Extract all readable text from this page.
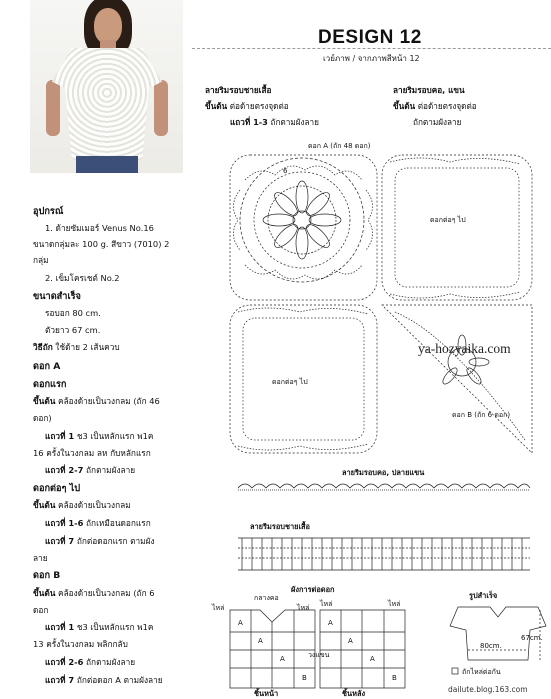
DESIGN 12
เวย์ภาพ / จากภาพสีหน้า 12
อุปกรณ์
1. ด้ายซัมเมอร์ Venus No.16
ขนาดกลุ่มละ 100 g. สีขาว (7010) 2
กลุ่ม
2. เข็มโครเชต์ No.2
ขนาดสำเร็จ
รอบอก 80 cm.
ตัวยาว 67 cm.
วิธีถัก ใช้ด้าย 2 เส้นควบ
ดอก A
ดอกแรก
ขึ้นต้น คล้องด้ายเป็นวงกลม (ถัก 46
ดอก)
แถวที่ 1 ช3 เป็นหลักแรก พ1ค
16 ครั้งในวงกลม ลห กับหลักแรก
แถวที่ 2-7 ถักตามผังลาย
ดอกต่อๆ ไป
ขึ้นต้น คล้องด้ายเป็นวงกลม
แถวที่ 1-6 ถักเหมือนดอกแรก
แถวที่ 7 ถักต่อดอกแรก ตามผัง
ลาย
ดอก B
ขึ้นต้น คล้องด้ายเป็นวงกลม (ถัก 6
ดอก
แถวที่ 1 ช3 เป็นหลักแรก พ1ค
13 ครั้งในวงกลม พลิกกลับ
แถวที่ 2-6 ถักตามผังลาย
แถวที่ 7 ถักต่อดอก A ตามผังลาย
ลายริมรอบชายเสื้อ
ขึ้นต้น ต่อด้ายตรงจุดต่อ
แถวที่ 1-3 ถักตามผังลาย
ลายริมรอบคอ, แขน
ขึ้นต้น ต่อด้ายตรงจุดต่อ
ถักตามผังลาย
ดอก A (ถัก 48 ดอก)
6
ดอกต่อๆ ไป
ดอกต่อๆ ไป
ดอก B (ถัก 6 ดอก)
ya-hozyaika.com
ลายริมรอบคอ, ปลายแขน
ลายริมรอบชายเสื้อ
ผังการต่อดอก
ไหล่
กลางคอ
ไหล่ ไหล่	ไหล่
วงแขน
ชิ้นหน้า	ชิ้นหลัง
A
A
A
A
A
A
B	B
รูปสำเร็จ
80cm.
67cm.
ถักไหล่ต่อกัน
dailute.blog.163.com
